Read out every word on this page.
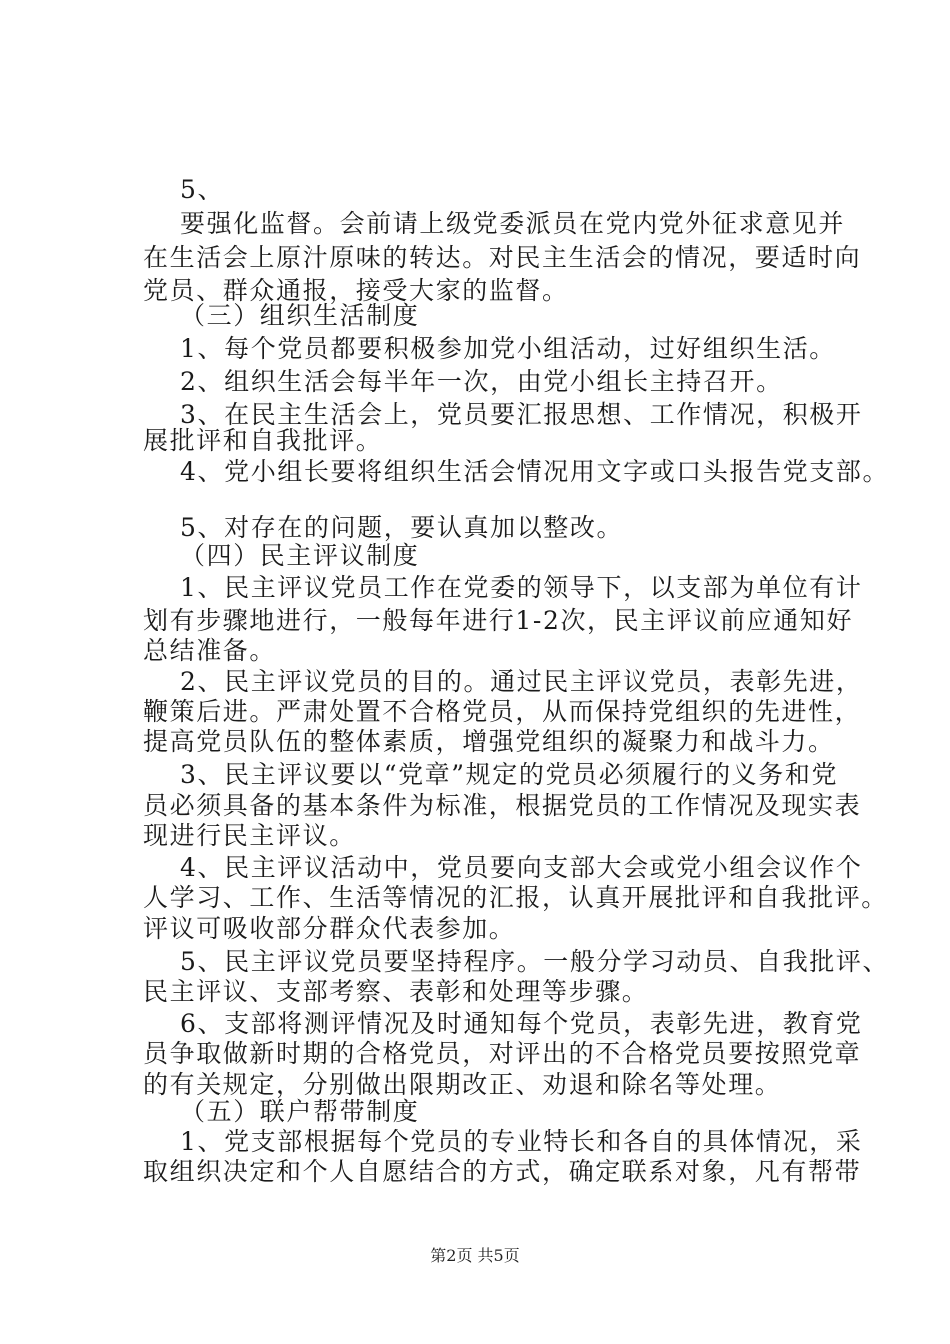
5、
要强化监督。会前请上级党委派员在党内党外征求意见并
在生活会上原汁原味的转达。对民主生活会的情况，要适时向
党员、群众通报，接受大家的监督。
（三）组织生活制度
1、每个党员都要积极参加党小组活动，过好组织生活。
2、组织生活会每半年一次，由党小组长主持召开。
3、在民主生活会上，党员要汇报思想、工作情况，积极开
展批评和自我批评。
4、党小组长要将组织生活会情况用文字或口头报告党支部。
5、对存在的问题，要认真加以整改。
（四）民主评议制度
1、民主评议党员工作在党委的领导下，以支部为单位有计
划有步骤地进行，一般每年进行1-2次，民主评议前应通知好
总结准备。
2、民主评议党员的目的。通过民主评议党员，表彰先进，
鞭策后进。严肃处置不合格党员，从而保持党组织的先进性，
提高党员队伍的整体素质，增强党组织的凝聚力和战斗力。
3、民主评议要以“党章”规定的党员必须履行的义务和党
员必须具备的基本条件为标准，根据党员的工作情况及现实表
现进行民主评议。
4、民主评议活动中，党员要向支部大会或党小组会议作个
人学习、工作、生活等情况的汇报，认真开展批评和自我批评。
评议可吸收部分群众代表参加。
5、民主评议党员要坚持程序。一般分学习动员、自我批评、
民主评议、支部考察、表彰和处理等步骤。
6、支部将测评情况及时通知每个党员，表彰先进，教育党
员争取做新时期的合格党员，对评出的不合格党员要按照党章
的有关规定，分别做出限期改正、劝退和除名等处理。
（五）联户帮带制度
1、党支部根据每个党员的专业特长和各自的具体情况，采
取组织决定和个人自愿结合的方式，确定联系对象，凡有帮带
第2页 共5页
